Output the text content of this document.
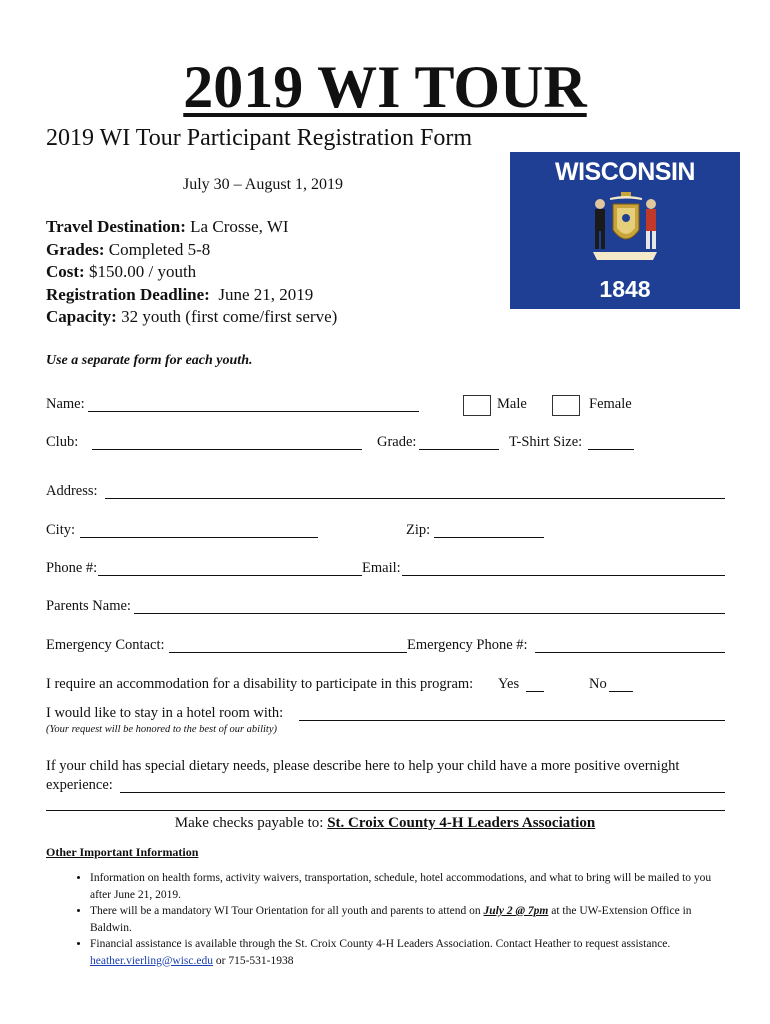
2019 WI TOUR
2019 WI Tour Participant Registration Form
July 30 – August 1, 2019
Travel Destination: La Crosse, WI
Grades: Completed 5-8
Cost: $150.00 / youth
Registration Deadline: June 21, 2019
Capacity: 32 youth (first come/first serve)
WISCONSIN
1848
Use a separate form for each youth.
Name:	Male	Female
Club:	Grade:	T-Shirt Size:
Address:
City:	Zip:
Phone #:	Email:
Parents Name:
Emergency Contact:	Emergency Phone #:
I require an accommodation for a disability to participate in this program: Yes	No
I would like to stay in a hotel room with:
(Your request will be honored to the best of our ability)
If your child has special dietary needs, please describe here to help your child have a more positive overnight experience:
Make checks payable to: St. Croix County 4-H Leaders Association
Other Important Information
• Information on health forms, activity waivers, transportation, schedule, hotel accommodations, and what to bring will be mailed to you after June 21, 2019.
• There will be a mandatory WI Tour Orientation for all youth and parents to attend on July 2 @ 7pm at the UW-Extension Office in Baldwin.
• Financial assistance is available through the St. Croix County 4-H Leaders Association. Contact Heather to request assistance. heather.vierling@wisc.edu or 715-531-1938
